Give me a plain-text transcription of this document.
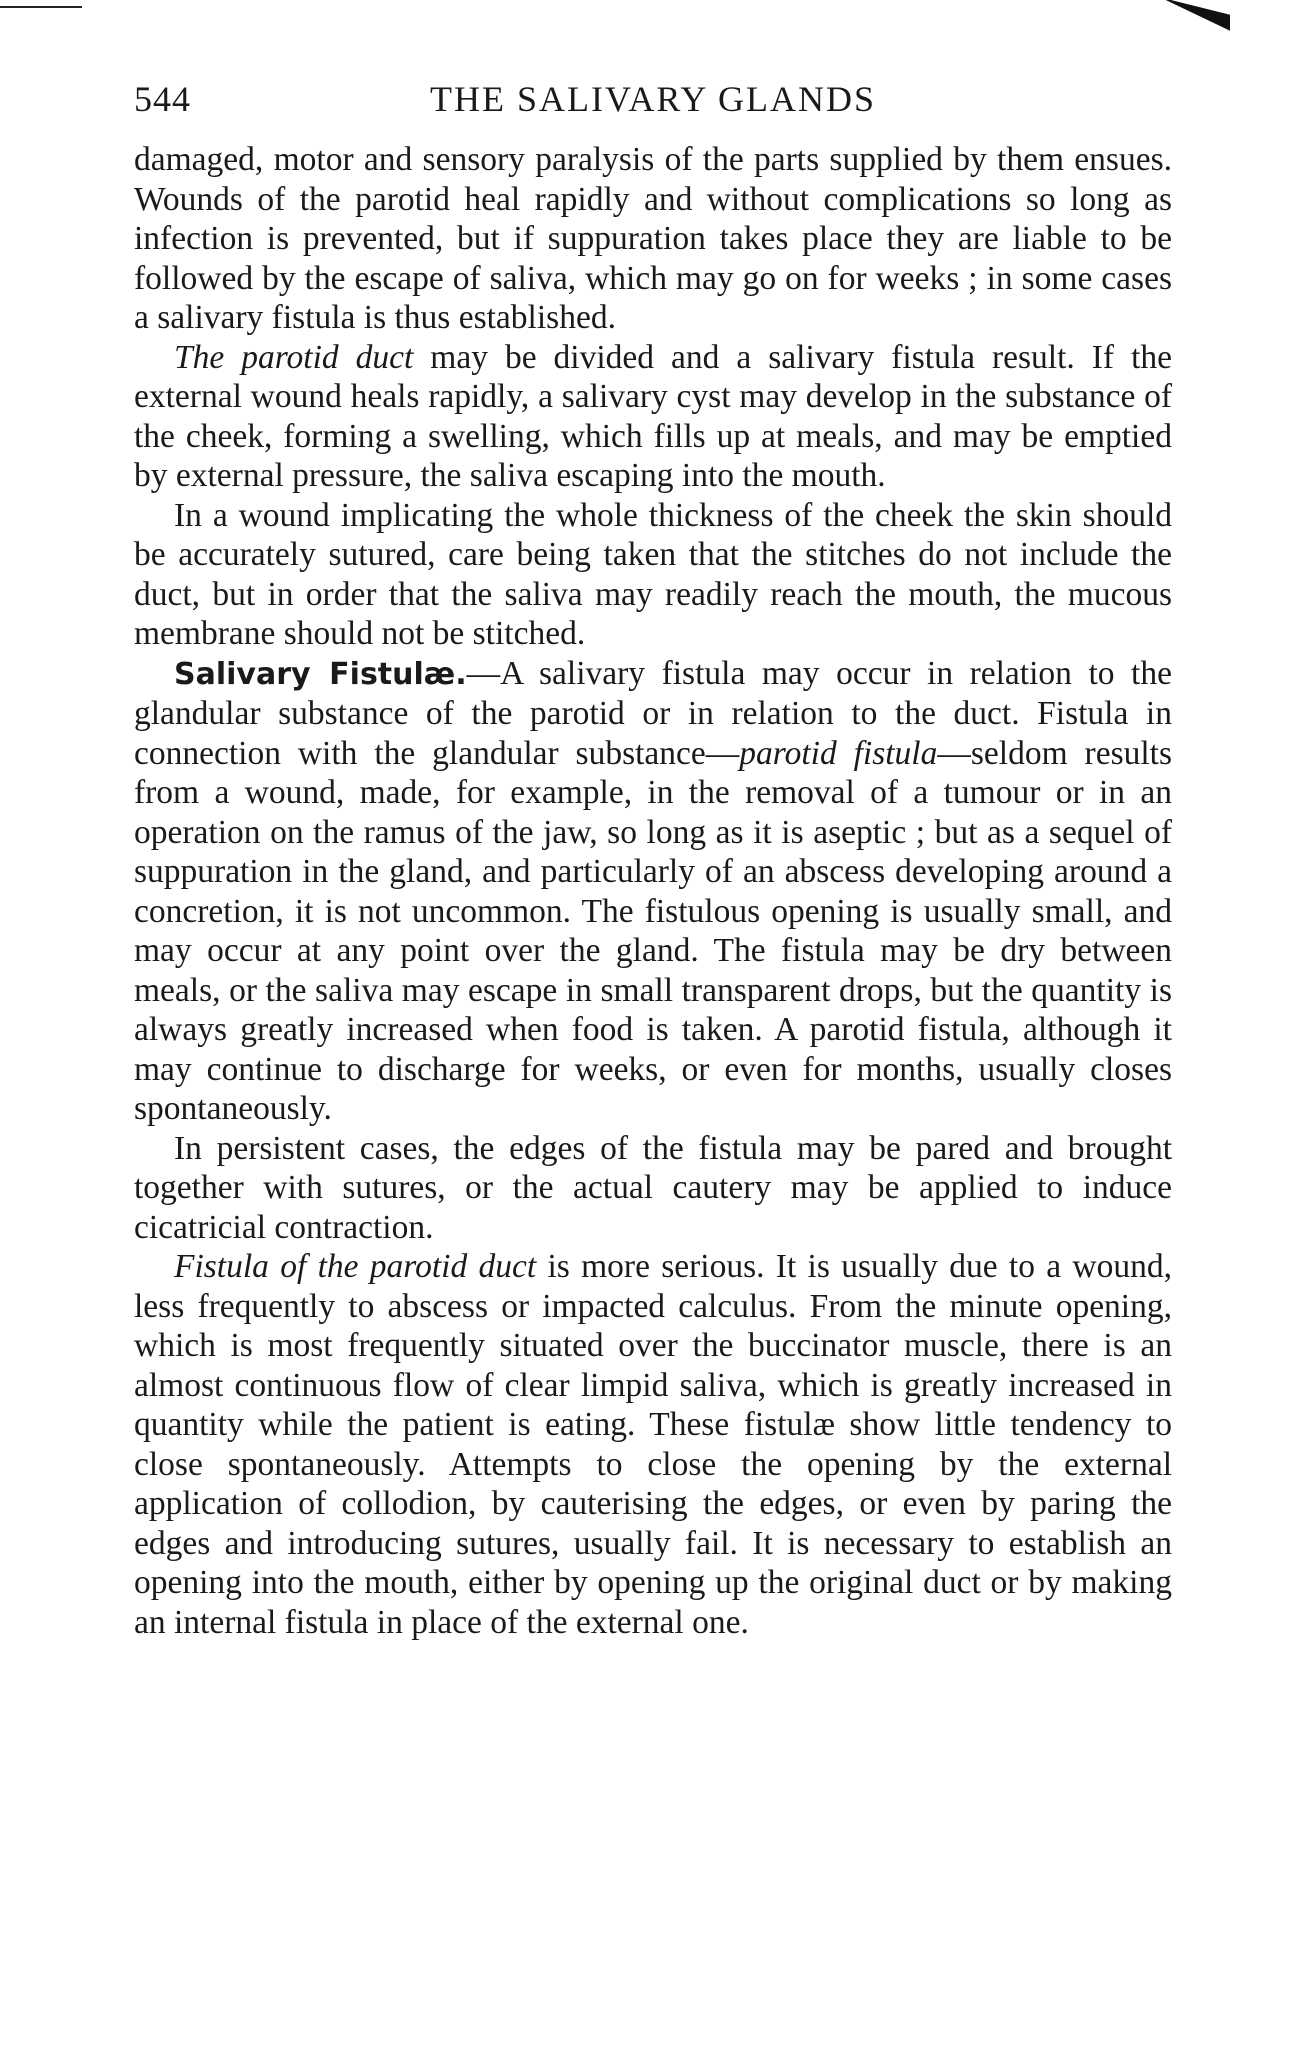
544	THE SALIVARY GLANDS

damaged, motor and sensory paralysis of the parts supplied by them ensues. Wounds of the parotid heal rapidly and without complications so long as infection is prevented, but if suppuration takes place they are liable to be followed by the escape of saliva, which may go on for weeks ; in some cases a salivary fistula is thus established.

The parotid duct may be divided and a salivary fistula result. If the external wound heals rapidly, a salivary cyst may develop in the substance of the cheek, forming a swelling, which fills up at meals, and may be emptied by external pressure, the saliva escaping into the mouth.

In a wound implicating the whole thickness of the cheek the skin should be accurately sutured, care being taken that the stitches do not include the duct, but in order that the saliva may readily reach the mouth, the mucous membrane should not be stitched.

Salivary Fistulæ.—A salivary fistula may occur in relation to the glandular substance of the parotid or in relation to the duct. Fistula in connection with the glandular substance—parotid fistula—seldom results from a wound, made, for example, in the removal of a tumour or in an operation on the ramus of the jaw, so long as it is aseptic ; but as a sequel of suppuration in the gland, and particularly of an abscess developing around a concretion, it is not uncommon. The fistulous opening is usually small, and may occur at any point over the gland. The fistula may be dry between meals, or the saliva may escape in small transparent drops, but the quantity is always greatly increased when food is taken. A parotid fistula, although it may continue to discharge for weeks, or even for months, usually closes spontaneously.

In persistent cases, the edges of the fistula may be pared and brought together with sutures, or the actual cautery may be applied to induce cicatricial contraction.

Fistula of the parotid duct is more serious. It is usually due to a wound, less frequently to abscess or impacted calculus. From the minute opening, which is most frequently situated over the buccinator muscle, there is an almost continuous flow of clear limpid saliva, which is greatly increased in quantity while the patient is eating. These fistulæ show little tendency to close spontaneously. Attempts to close the opening by the external application of collodion, by cauterising the edges, or even by paring the edges and introducing sutures, usually fail. It is necessary to establish an opening into the mouth, either by opening up the original duct or by making an internal fistula in place of the external one.
